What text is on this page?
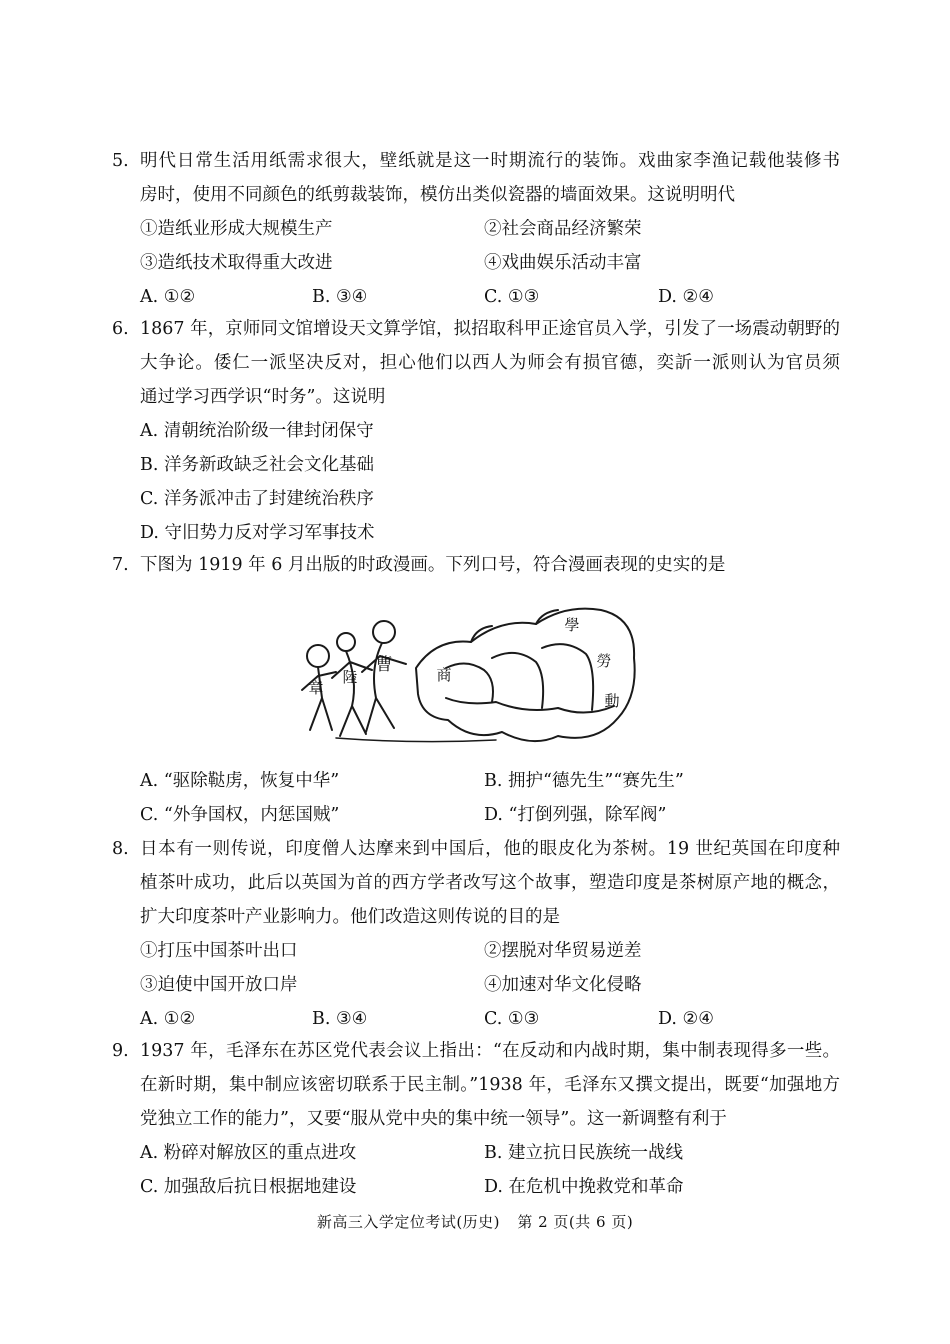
5. 明代日常生活用纸需求很大，壁纸就是这一时期流行的装饰。戏曲家李渔记载他装修书
房时，使用不同颜色的纸剪裁装饰，模仿出类似瓷器的墙面效果。这说明明代
①造纸业形成大规模生产	②社会商品经济繁荣
③造纸技术取得重大改进	④戏曲娱乐活动丰富
A. ①②	B. ③④	C. ①③	D. ②④
6. 1867 年，京师同文馆增设天文算学馆，拟招取科甲正途官员入学，引发了一场震动朝野的
大争论。倭仁一派坚决反对，担心他们以西人为师会有损官德，奕訢一派则认为官员须
通过学习西学识“时务”。这说明
A. 清朝统治阶级一律封闭保守
B. 洋务新政缺乏社会文化基础
C. 洋务派冲击了封建统治秩序
D. 守旧势力反对学习军事技术
7. 下图为 1919 年 6 月出版的时政漫画。下列口号，符合漫画表现的史实的是
章
陸
曹	商
學
勞
動
A. “驱除鞑虏，恢复中华”	B. 拥护“德先生”“赛先生”
C. “外争国权，内惩国贼”	D. “打倒列强，除军阀”
8. 日本有一则传说，印度僧人达摩来到中国后，他的眼皮化为茶树。19 世纪英国在印度种
植茶叶成功，此后以英国为首的西方学者改写这个故事，塑造印度是茶树原产地的概念，
扩大印度茶叶产业影响力。他们改造这则传说的目的是
①打压中国茶叶出口	②摆脱对华贸易逆差
③迫使中国开放口岸	④加速对华文化侵略
A. ①②	B. ③④	C. ①③	D. ②④
9. 1937 年，毛泽东在苏区党代表会议上指出：“在反动和内战时期，集中制表现得多一些。
在新时期，集中制应该密切联系于民主制。”1938 年，毛泽东又撰文提出，既要“加强地方
党独立工作的能力”，又要“服从党中央的集中统一领导”。这一新调整有利于
A. 粉碎对解放区的重点进攻	B. 建立抗日民族统一战线
C. 加强敌后抗日根据地建设	D. 在危机中挽救党和革命
新高三入学定位考试(历史) 第 2 页(共 6 页)
